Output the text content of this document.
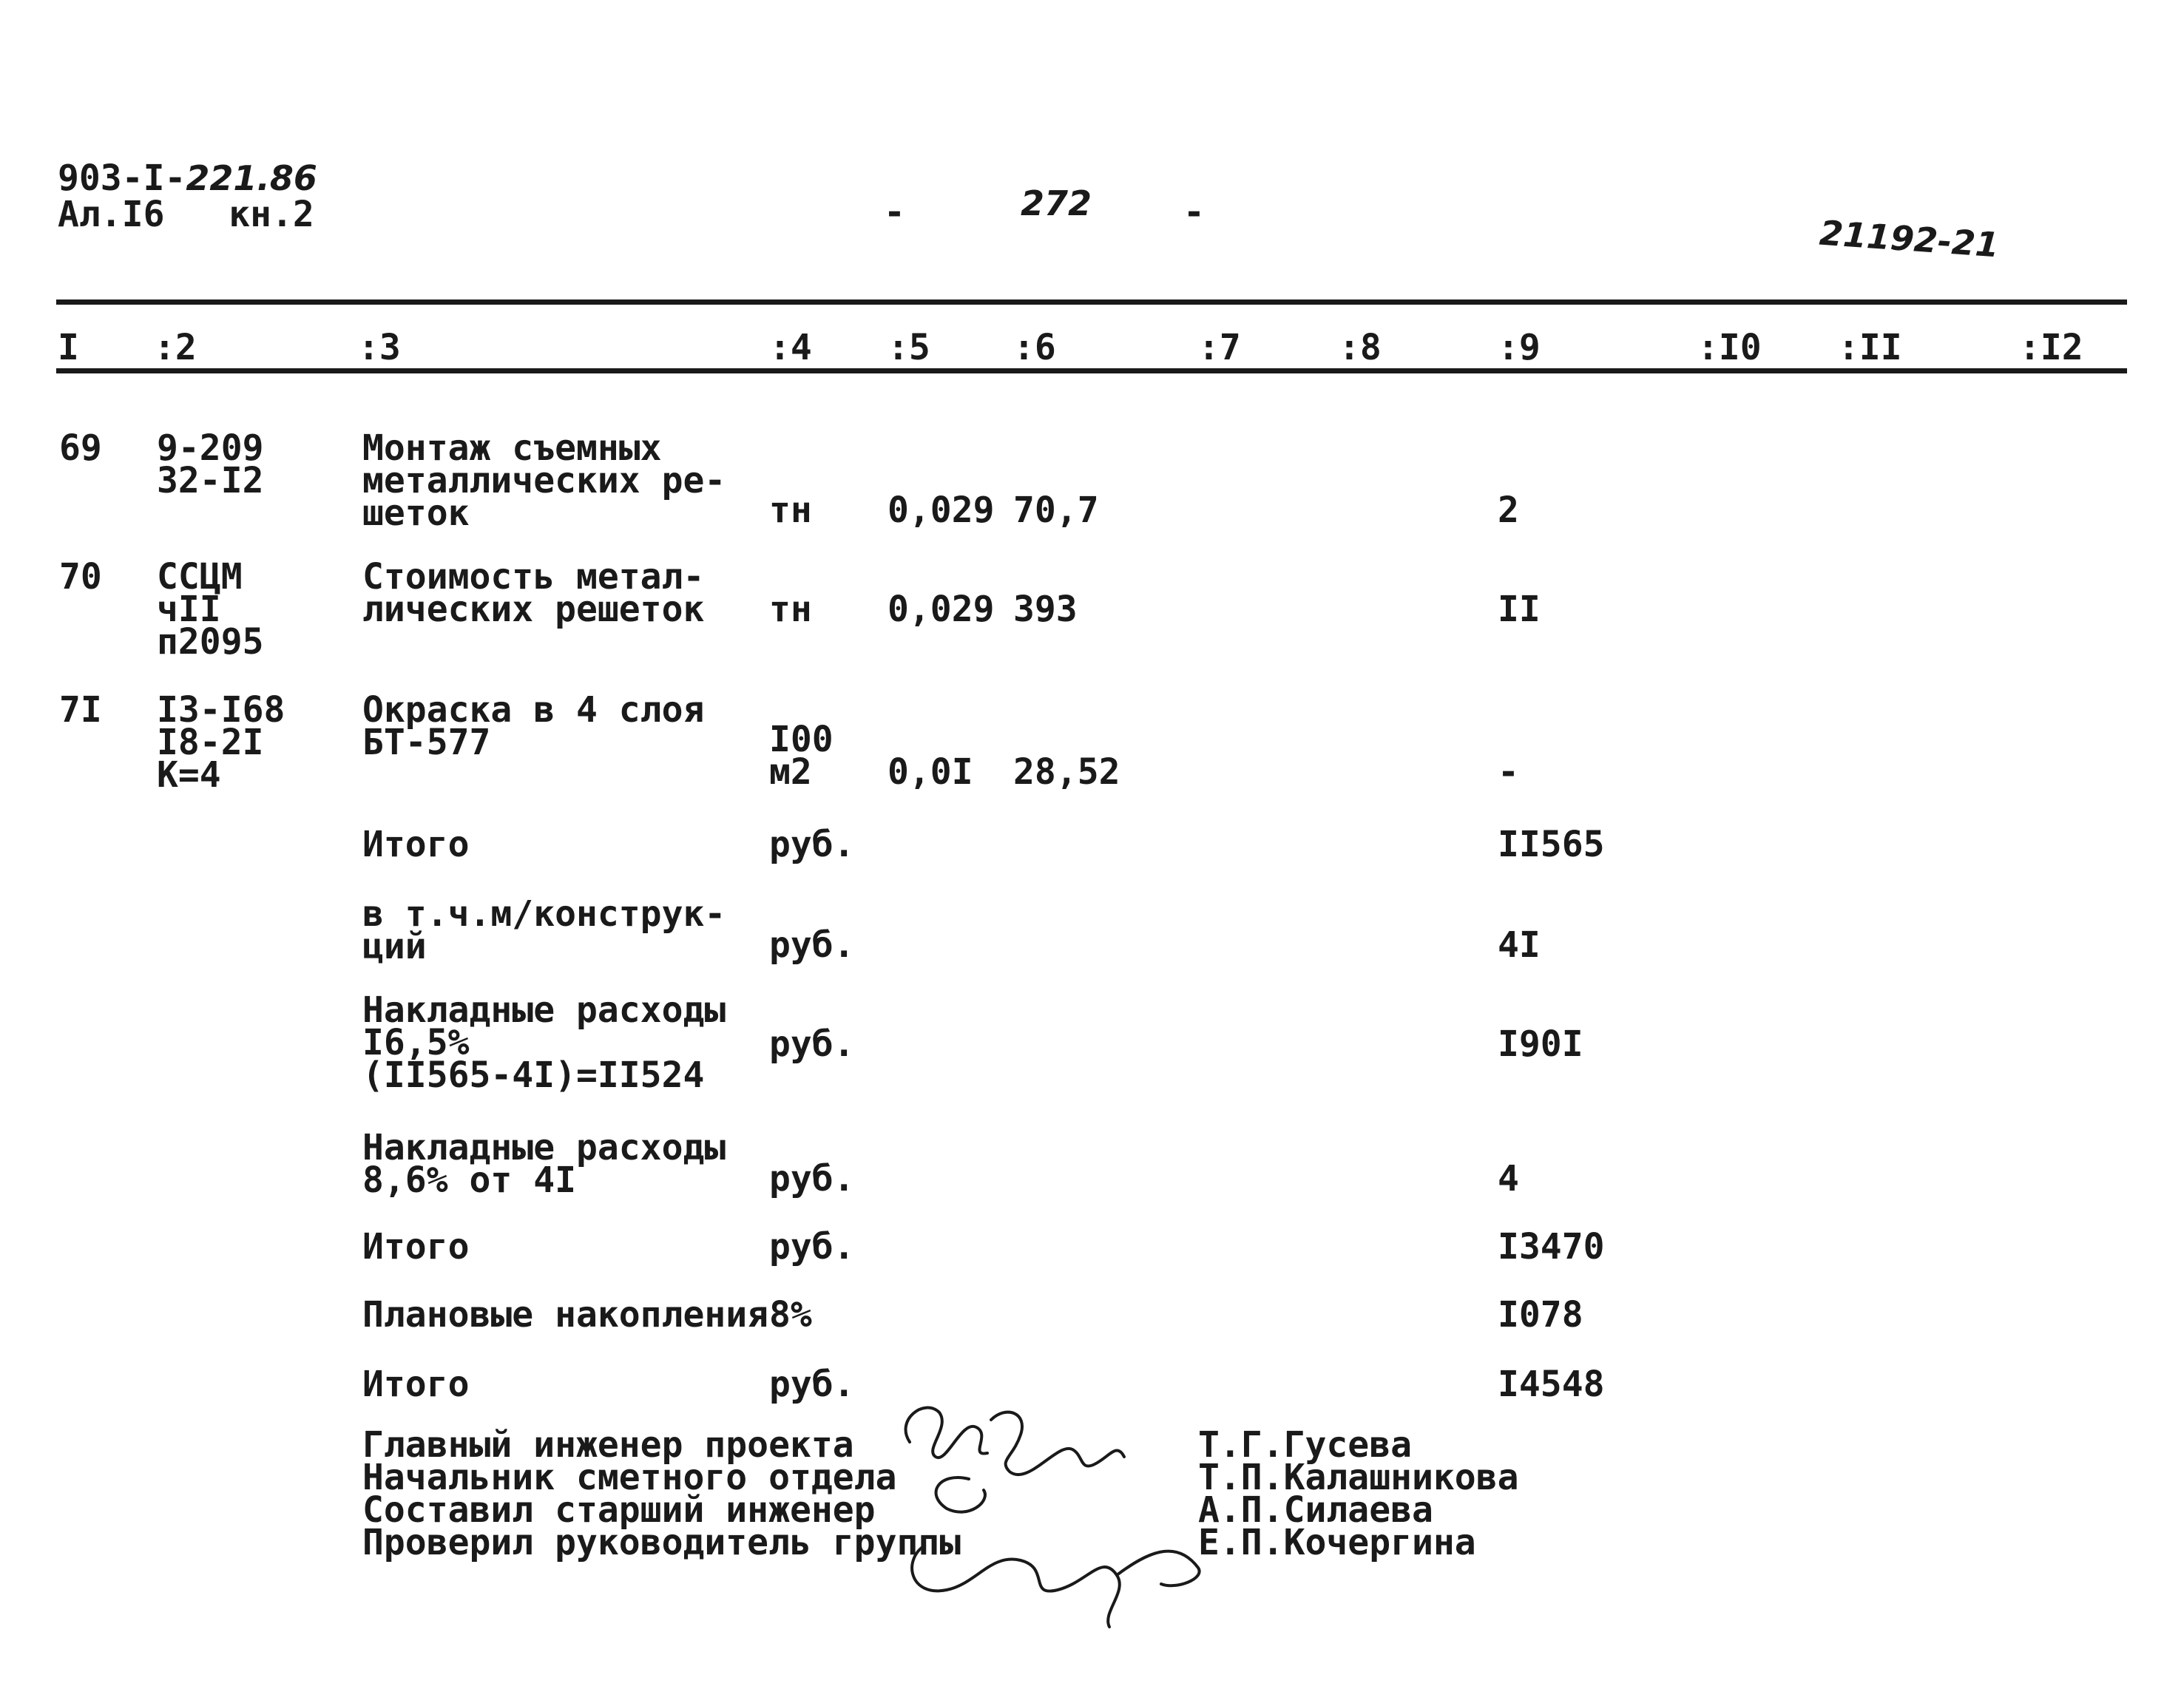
903-I-221.86
Ал.I6   кн.2	-	272	-
21192-21
I :2	:3	:4 :5 :6	:7	:8	:9	:I0 :II	:I2
69 9-209
32-I2
Монтаж съемных
металлических ре-
шеток	тн 0,029 70,7	2
70 ССЦМ
чII
п2095
Стоимость метал-
лических решеток тн 0,029 393	II
7I I3-I68
I8-2I
К=4
Окраска в 4 слоя
БТ-577	I00
м2	0,0I 28,52	-
Итого	руб.	II565
в т.ч.м/конструк-
ций	руб.	4I
Накладные расходы
I6,5%
(II565-4I)=II524
руб.	I90I
Накладные расходы
8,6% от 4I	руб.	4
Итого	руб.	I3470
Плановые накопления 8%	I078
Итого	руб.	I4548
Главный инженер проекта	Т.Г.Гусева
Начальник сметного отдела	Т.П.Калашникова
Составил старший инженер	А.П.Силаева
Проверил руководитель группы	Е.П.Кочергина
